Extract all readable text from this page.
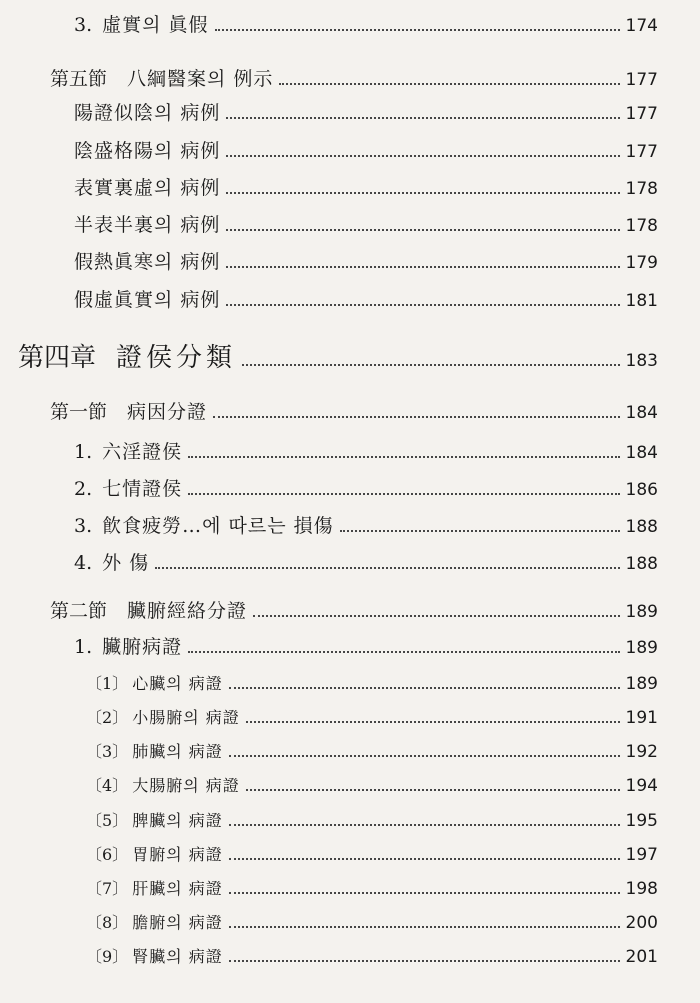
3. 虛實의 眞假	174
第五節 八綱醫案의 例示	177
陽證似陰의 病例	177
陰盛格陽의 病例	177
表實裏虛의 病例	178
半表半裏의 病例	178
假熱眞寒의 病例	179
假虛眞實의 病例	181
第四章 證侯分類	183
第一節 病因分證	184
1. 六淫證侯	184
2. 七情證侯	186
3. 飮食疲勞…에 따르는 損傷	188
4. 外 傷	188
第二節 臟腑經絡分證	189
1. 臟腑病證	189
〔1〕 心臟의 病證	189
〔2〕 小腸腑의 病證	191
〔3〕 肺臟의 病證	192
〔4〕 大腸腑의 病證	194
〔5〕 脾臟의 病證	195
〔6〕 胃腑의 病證	197
〔7〕 肝臟의 病證	198
〔8〕 膽腑의 病證	200
〔9〕 腎臟의 病證	201
